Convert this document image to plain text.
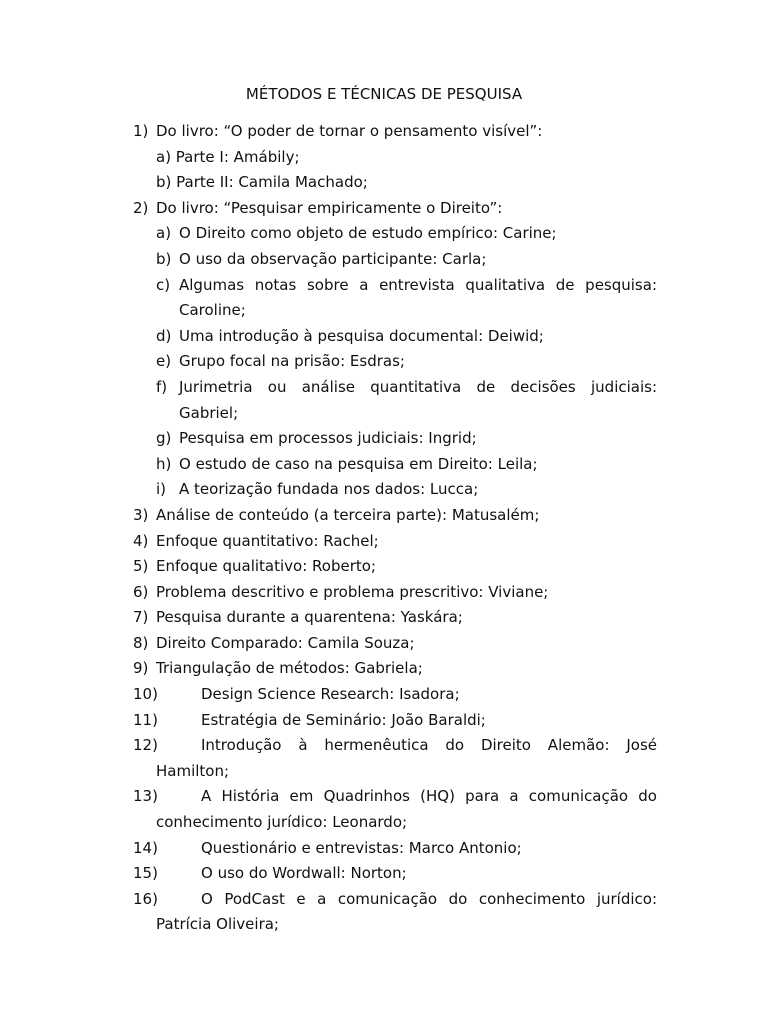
MÉTODOS E TÉCNICAS DE PESQUISA
1) Do livro: “O poder de tornar o pensamento visível”:
a) Parte I: Amábily;
b) Parte II: Camila Machado;
2) Do livro: “Pesquisar empiricamente o Direito”:
a) O Direito como objeto de estudo empírico: Carine;
b) O uso da observação participante: Carla;
c) Algumas notas sobre a entrevista qualitativa de pesquisa:
Caroline;
d) Uma introdução à pesquisa documental: Deiwid;
e) Grupo focal na prisão: Esdras;
f) Jurimetria ou análise quantitativa de decisões judiciais:
Gabriel;
g) Pesquisa em processos judiciais: Ingrid;
h) O estudo de caso na pesquisa em Direito: Leila;
i) A teorização fundada nos dados: Lucca;
3) Análise de conteúdo (a terceira parte): Matusalém;
4) Enfoque quantitativo: Rachel;
5) Enfoque qualitativo: Roberto;
6) Problema descritivo e problema prescritivo: Viviane;
7) Pesquisa durante a quarentena: Yaskára;
8) Direito Comparado: Camila Souza;
9) Triangulação de métodos: Gabriela;
10)	Design Science Research: Isadora;
11)	Estratégia de Seminário: João Baraldi;
12)	Introdução à hermenêutica do Direito Alemão: José
Hamilton;
13)	A História em Quadrinhos (HQ) para a comunicação do
conhecimento jurídico: Leonardo;
14)	Questionário e entrevistas: Marco Antonio;
15)	O uso do Wordwall: Norton;
16)	O PodCast e a comunicação do conhecimento jurídico:
Patrícia Oliveira;
